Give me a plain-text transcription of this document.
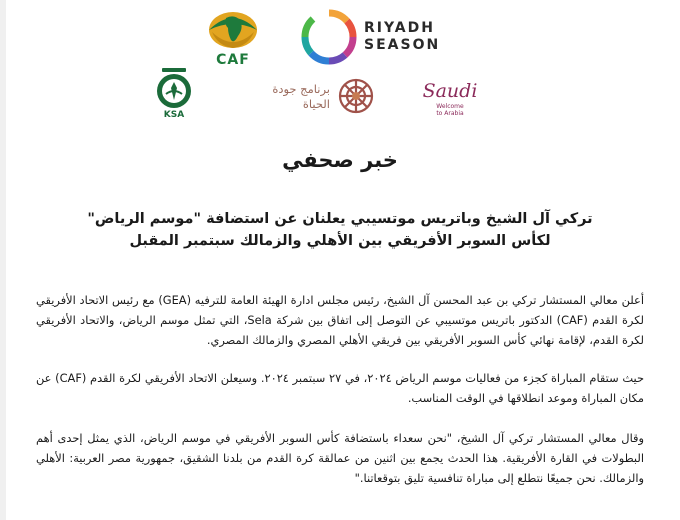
CAF
RIYADH
SEASON
KSA
برنامج جودة
الحياة
Saudi
Welcome
to Arabia
خبر صحفي
تركي آل الشيخ وباتريس موتسيبي يعلنان عن استضافة "موسم الرياض"
لكأس السوبر الأفريقي بين الأهلي والزمالك سبتمبر المقبل

أعلن معالي المستشار تركي بن عبد المحسن آل الشيخ، رئيس مجلس ادارة الهيئة العامة للترفيه (GEA) مع رئيس الاتحاد الأفريقي لكرة القدم (CAF) الدكتور باتريس موتسيبي عن التوصل إلى اتفاق بين شركة Sela، التي تمثل موسم الرياض، والاتحاد الأفريقي لكرة القدم، لإقامة نهائي كأس السوبر الأفريقي بين فريقي الأهلي المصري والزمالك المصري.

حيث ستقام المباراة كجزء من فعاليات موسم الرياض ٢٠٢٤، في ٢٧ سبتمبر ٢٠٢٤. وسيعلن الاتحاد الأفريقي لكرة القدم (CAF) عن مكان المباراة وموعد انطلاقها في الوقت المناسب.

وقال معالي المستشار تركي آل الشيخ، "نحن سعداء باستضافة كأس السوبر الأفريقي في موسم الرياض، الذي يمثل إحدى أهم البطولات في القارة الأفريقية. هذا الحدث يجمع بين اثنين من عمالقة كرة القدم من بلدنا الشقيق، جمهورية مصر العربية: الأهلي والزمالك. نحن جميعًا نتطلع إلى مباراة تنافسية تليق بتوقعاتنا."
